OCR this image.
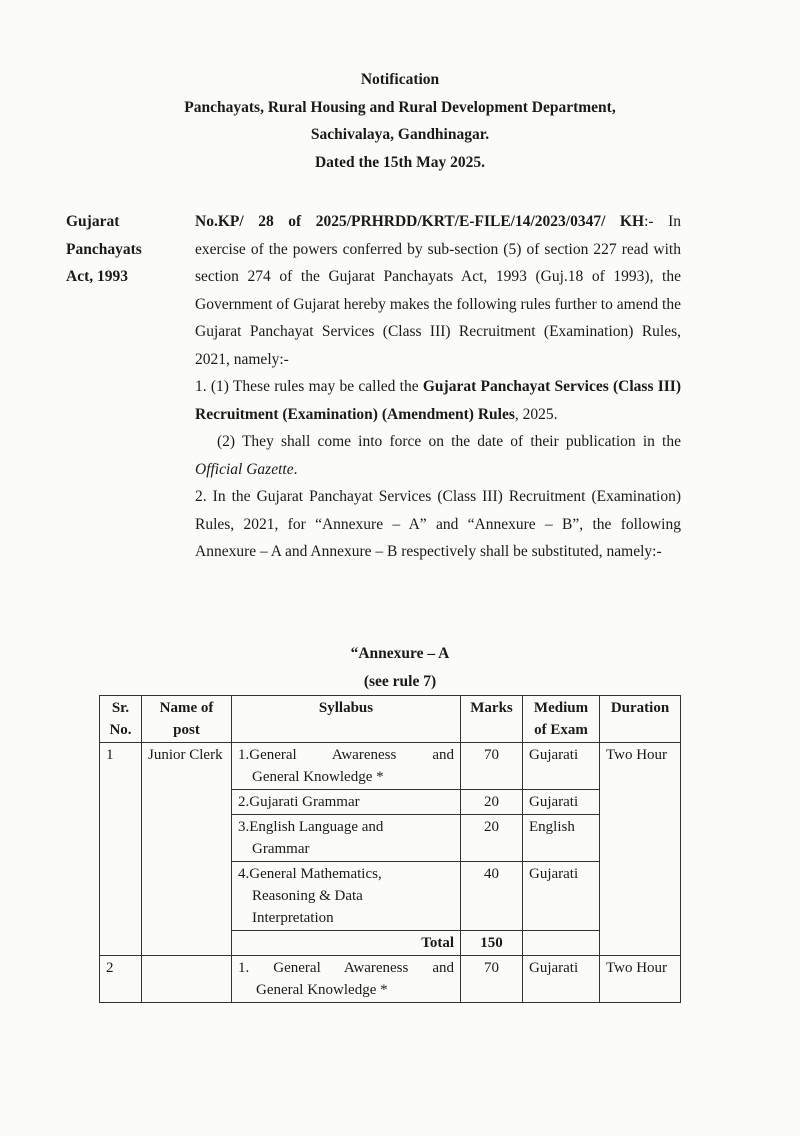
Notification
Panchayats, Rural Housing and Rural Development Department,
Sachivalaya, Gandhinagar.
Dated the 15th May 2025.
Gujarat
Panchayats
Act, 1993

No.KP/ 28 of 2025/PRHRDD/KRT/E-FILE/14/2023/0347/ KH:- In exercise of the powers conferred by sub-section (5) of section 227 read with section 274 of the Gujarat Panchayats Act, 1993 (Guj.18 of 1993), the Government of Gujarat hereby makes the following rules further to amend the Gujarat Panchayat Services (Class III) Recruitment (Examination) Rules, 2021, namely:-

1. (1) These rules may be called the Gujarat Panchayat Services (Class III) Recruitment (Examination) (Amendment) Rules, 2025.

(2) They shall come into force on the date of their publication in the Official Gazette.

2. In the Gujarat Panchayat Services (Class III) Recruitment (Examination) Rules, 2021, for “Annexure – A” and “Annexure – B”, the following Annexure – A and Annexure – B respectively shall be substituted, namely:-

“Annexure – A
(see rule 7)
Sr. No.	Name of post	Syllabus	Marks	Medium of Exam	Duration
1	Junior Clerk	1.General Awareness and
General Knowledge *	70	Gujarati	Two Hour
		2.Gujarati Grammar	20	Gujarati	

		3.English Language and
Grammar	20	English	

		4.General Mathematics,
Reasoning & Data
Interpretation	40	Gujarati	
		Total	150		
2		1. General Awareness and
General Knowledge *	70	Gujarati	Two Hour
